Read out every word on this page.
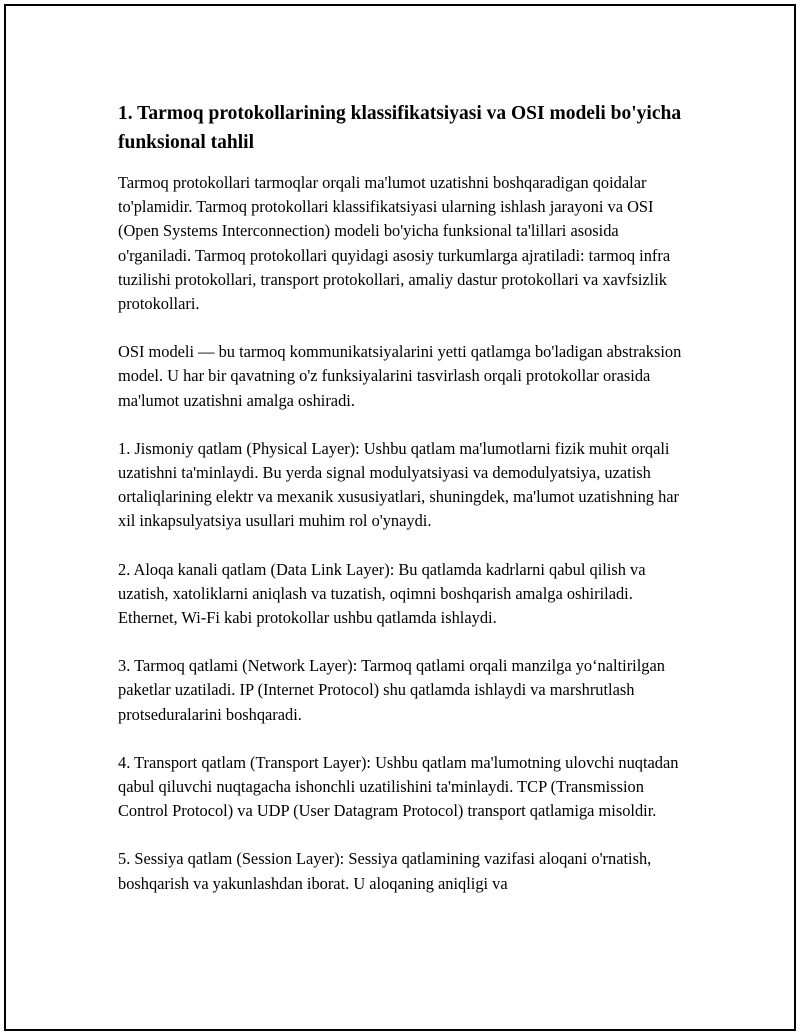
1. Tarmoq protokollarining klassifikatsiyasi va OSI modeli bo'yicha funksional tahlil

Tarmoq protokollari tarmoqlar orqali ma'lumot uzatishni boshqaradigan qoidalar to'plamidir. Tarmoq protokollari klassifikatsiyasi ularning ishlash jarayoni va OSI (Open Systems Interconnection) modeli bo'yicha funksional ta'lillari asosida o'rganiladi. Tarmoq protokollari quyidagi asosiy turkumlarga ajratiladi: tarmoq infra tuzilishi protokollari, transport protokollari, amaliy dastur protokollari va xavfsizlik protokollari.

OSI modeli — bu tarmoq kommunikatsiyalarini yetti qatlamga bo'ladigan abstraksion model. U har bir qavatning o'z funksiyalarini tasvirlash orqali protokollar orasida ma'lumot uzatishni amalga oshiradi.

1. Jismoniy qatlam (Physical Layer): Ushbu qatlam ma'lumotlarni fizik muhit orqali uzatishni ta'minlaydi. Bu yerda signal modulyatsiyasi va demodulyatsiya, uzatish ortaliqlarining elektr va mexanik xususiyatlari, shuningdek, ma'lumot uzatishning har xil inkapsulyatsiya usullari muhim rol o'ynaydi.

2. Aloqa kanali qatlam (Data Link Layer): Bu qatlamda kadrlarni qabul qilish va uzatish, xatoliklarni aniqlash va tuzatish, oqimni boshqarish amalga oshiriladi. Ethernet, Wi-Fi kabi protokollar ushbu qatlamda ishlaydi.

3. Tarmoq qatlami (Network Layer): Tarmoq qatlami orqali manzilga yo‘naltirilgan paketlar uzatiladi. IP (Internet Protocol) shu qatlamda ishlaydi va marshrutlash protseduralarini boshqaradi.

4. Transport qatlam (Transport Layer): Ushbu qatlam ma'lumotning ulovchi nuqtadan qabul qiluvchi nuqtagacha ishonchli uzatilishini ta'minlaydi. TCP (Transmission Control Protocol) va UDP (User Datagram Protocol) transport qatlamiga misoldir.

5. Sessiya qatlam (Session Layer): Sessiya qatlamining vazifasi aloqani o'rnatish, boshqarish va yakunlashdan iborat. U aloqaning aniqligi va
